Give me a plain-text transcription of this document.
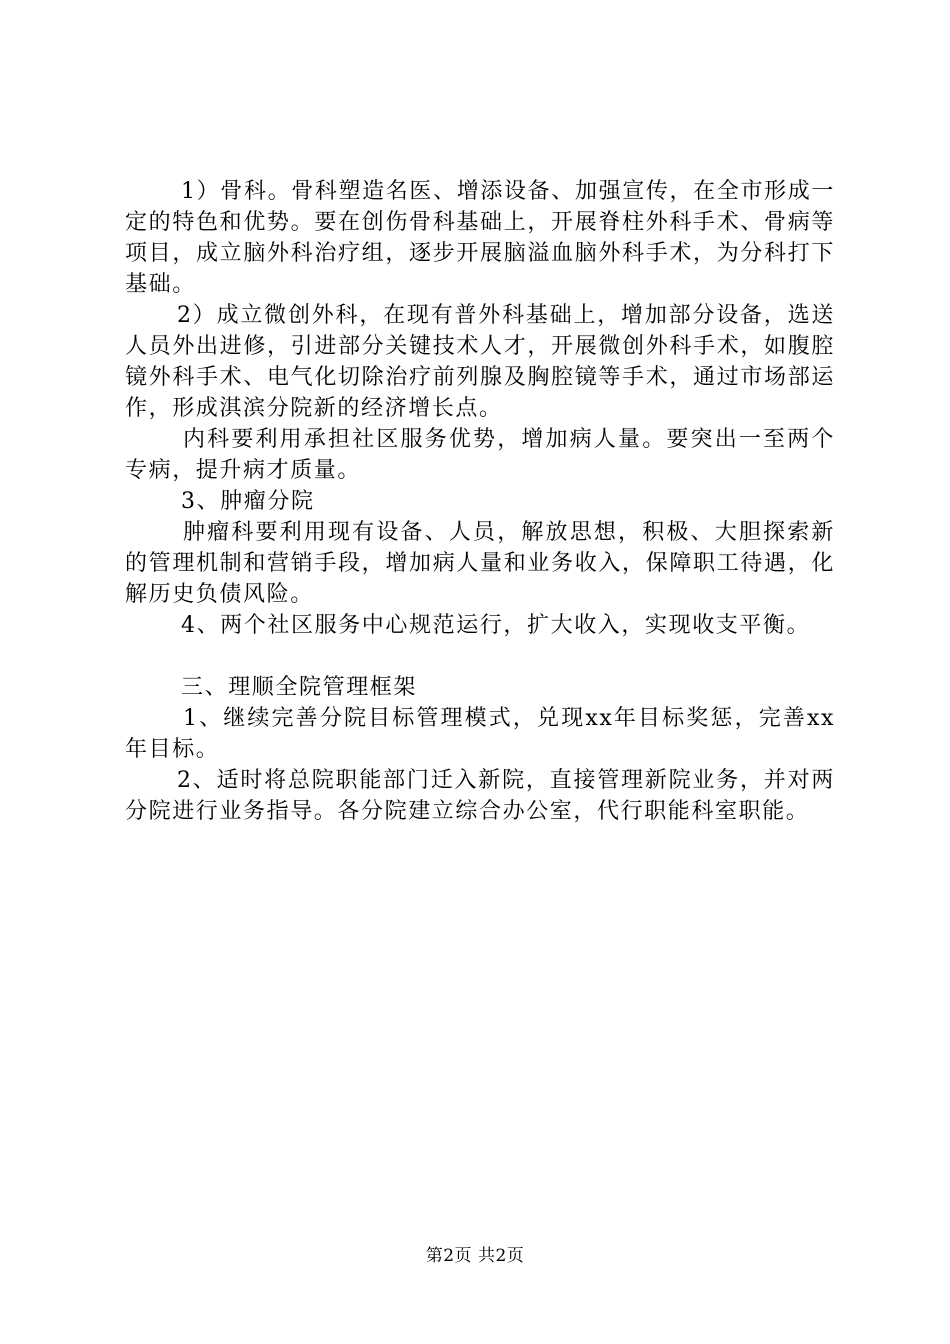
1）骨科。骨科塑造名医、增添设备、加强宣传，在全市形成一定的特色和优势。要在创伤骨科基础上，开展脊柱外科手术、骨病等项目，成立脑外科治疗组，逐步开展脑溢血脑外科手术，为分科打下基础。

2）成立微创外科，在现有普外科基础上，增加部分设备，选送人员外出进修，引进部分关键技术人才，开展微创外科手术，如腹腔镜外科手术、电气化切除治疗前列腺及胸腔镜等手术，通过市场部运作，形成淇滨分院新的经济增长点。

内科要利用承担社区服务优势，增加病人量。要突出一至两个专病，提升病才质量。

3、肿瘤分院

肿瘤科要利用现有设备、人员，解放思想，积极、大胆探索新的管理机制和营销手段，增加病人量和业务收入，保障职工待遇，化解历史负债风险。

4、两个社区服务中心规范运行，扩大收入，实现收支平衡。

三、理顺全院管理框架

1、继续完善分院目标管理模式，兑现xx年目标奖惩，完善xx年目标。

2、适时将总院职能部门迁入新院，直接管理新院业务，并对两分院进行业务指导。各分院建立综合办公室，代行职能科室职能。

第2页 共2页
